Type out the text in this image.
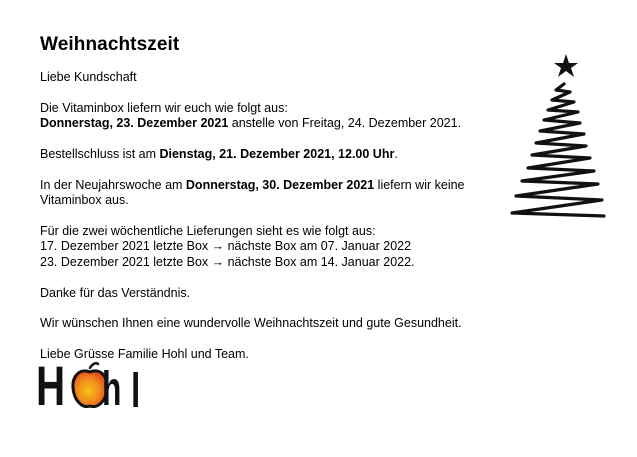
Weihnachtszeit

Liebe Kundschaft

Die Vitaminbox liefern wir euch wie folgt aus:

Donnerstag, 23. Dezember 2021 anstelle von Freitag, 24. Dezember 2021.

Bestellschluss ist am Dienstag, 21. Dezember 2021, 12.00 Uhr.

In der Neujahrswoche am Donnerstag, 30. Dezember 2021 liefern wir keine

Vitaminbox aus.

Für die zwei wöchentliche Lieferungen sieht es wie folgt aus:

17. Dezember 2021 letzte Box → nächste Box am 07. Januar 2022

23. Dezember 2021 letzte Box → nächste Box am 14. Januar 2022.

Danke für das Verständnis.

Wir wünschen Ihnen eine wundervolle Weihnachtszeit und gute Gesundheit.

Liebe Grüsse Familie Hohl und Team.

H h l
